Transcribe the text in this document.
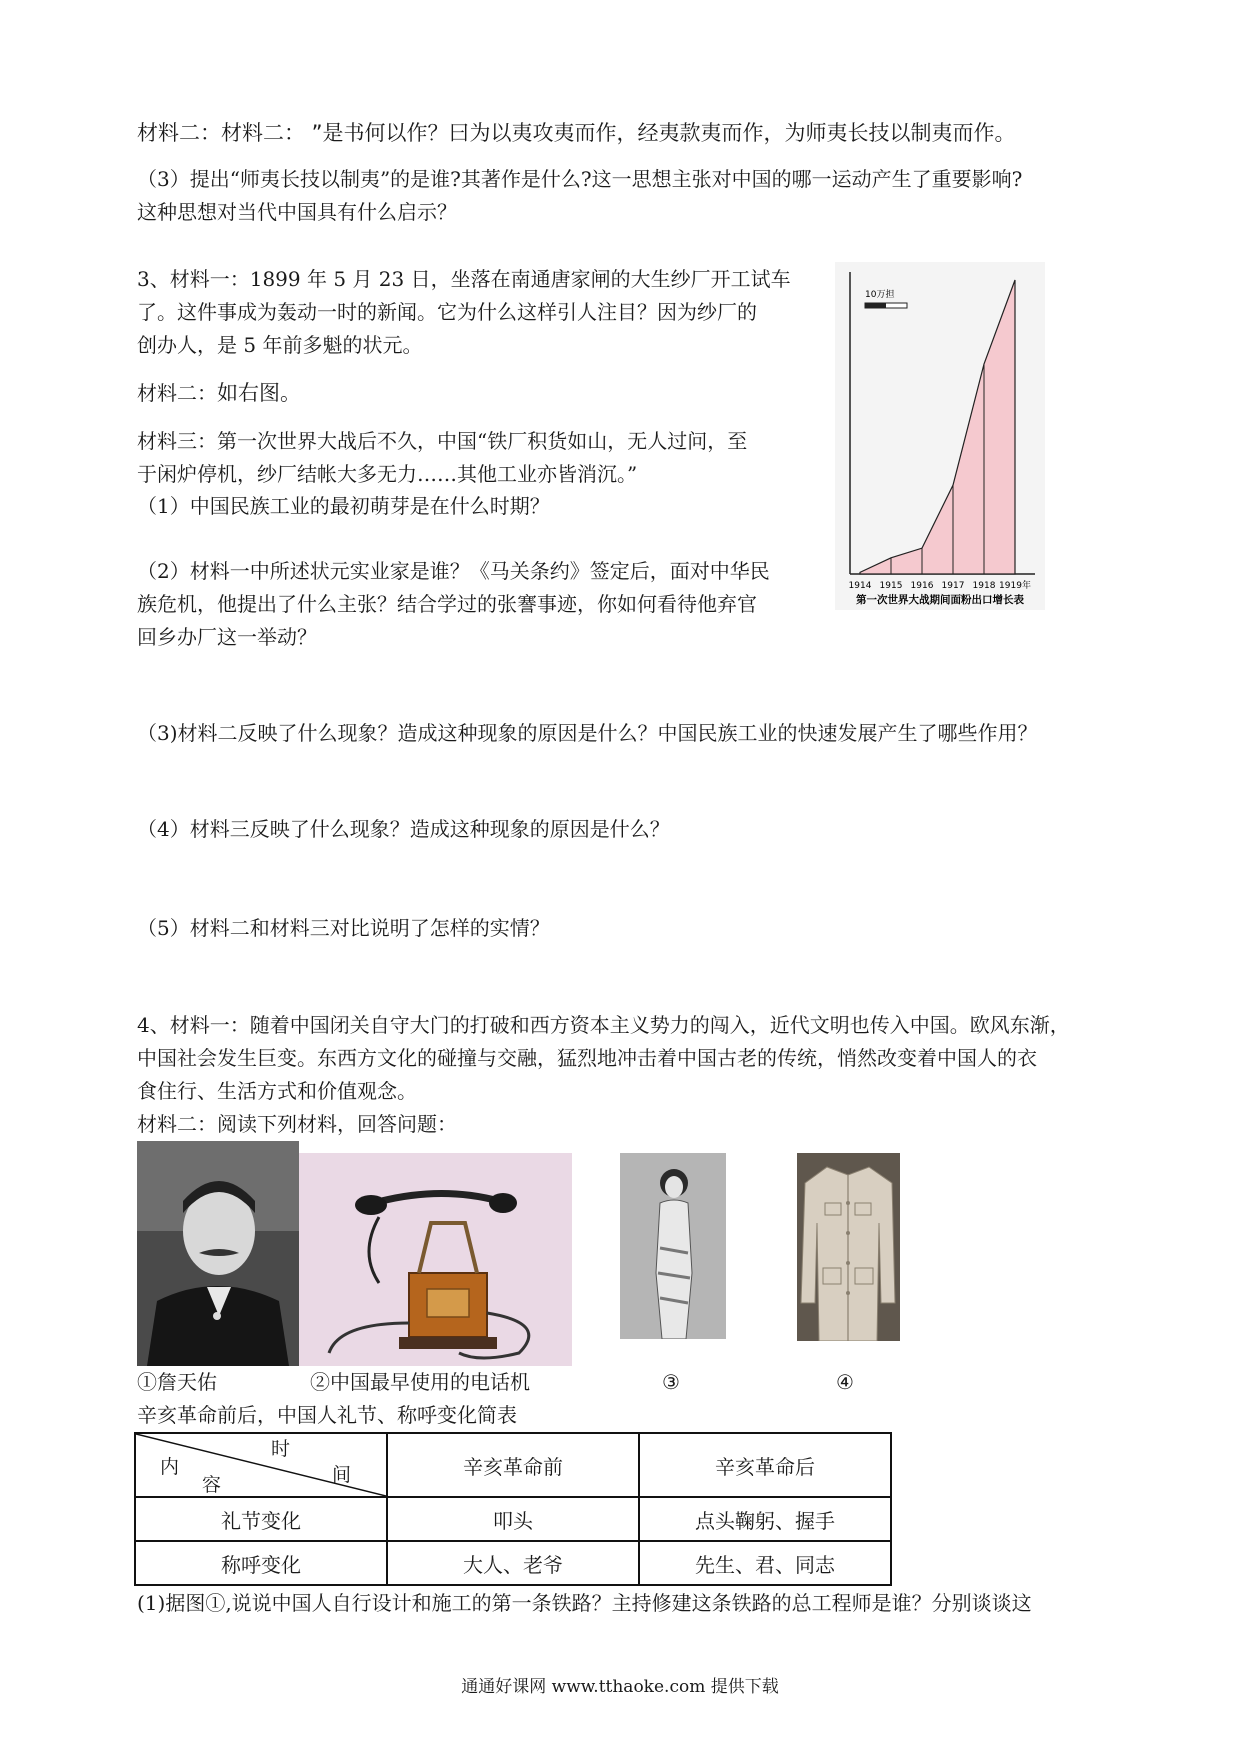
材料二：材料二： ”是书何以作？曰为以夷攻夷而作，经夷款夷而作，为师夷长技以制夷而作。

（3）提出“师夷长技以制夷”的是谁?其著作是什么?这一思想主张对中国的哪一运动产生了重要影响?

这种思想对当代中国具有什么启示？

3、材料一：1899 年 5 月 23 日，坐落在南通唐家闸的大生纱厂开工试车

了。这件事成为轰动一时的新闻。它为什么这样引人注目？因为纱厂的

创办人，是 5 年前多魁的状元。

材料二：如右图。

材料三：第一次世界大战后不久，中国“铁厂积货如山，无人过问，至

于闲炉停机，纱厂结帐大多无力……其他工业亦皆消沉。”

（1）中国民族工业的最初萌芽是在什么时期？

（2）材料一中所述状元实业家是谁？《马关条约》签定后，面对中华民

族危机，他提出了什么主张？结合学过的张謇事迹，你如何看待他弃官

回乡办厂这一举动？

（3)材料二反映了什么现象？造成这种现象的原因是什么？中国民族工业的快速发展产生了哪些作用？

（4）材料三反映了什么现象？造成这种现象的原因是什么？

（5）材料二和材料三对比说明了怎样的实情？

10万担
1914 1915 1916 1917 1918 1919年
第一次世界大战期间面粉出口增长表

4、材料一：随着中国闭关自守大门的打破和西方资本主义势力的闯入，近代文明也传入中国。欧风东渐，

中国社会发生巨变。东西方文化的碰撞与交融，猛烈地冲击着中国古老的传统，悄然改变着中国人的衣

食住行、生活方式和价值观念。

材料二：阅读下列材料，回答问题：

①詹天佑	②中国最早使用的电话机	③	④

辛亥革命前后，中国人礼节、称呼变化简表

时
间
内
容	辛亥革命前	辛亥革命后
礼节变化	叩头	点头鞠躬、握手
称呼变化	大人、老爷	先生、君、同志

(1)据图①,说说中国人自行设计和施工的第一条铁路？主持修建这条铁路的总工程师是谁？分别谈谈这

通通好课网 www.tthaoke.com 提供下载
